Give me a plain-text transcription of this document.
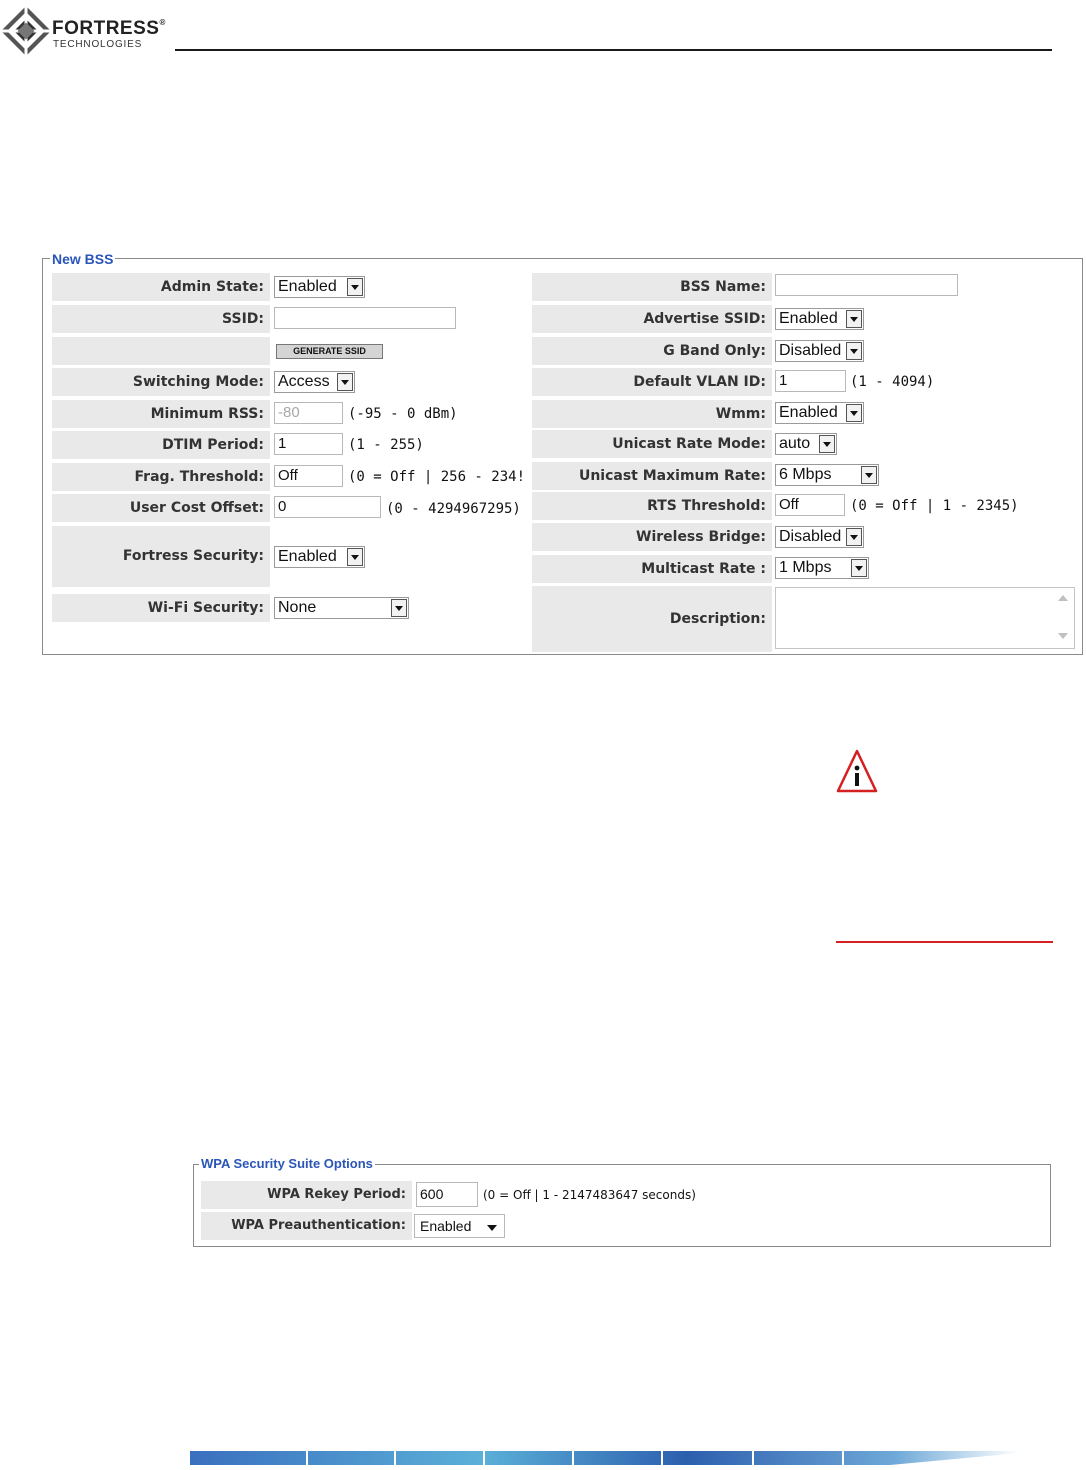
FORTRESS®
TECHNOLOGIES
New BSS
Admin State: Enabled
SSID:
GENERATE SSID
Switching Mode: Access
Minimum RSS: -80	(-95 - 0 dBm)
DTIM Period: 1	(1 - 255)
Frag. Threshold: Off	(0 = Off | 256 - 234!
User Cost Offset: 0	(0 - 4294967295)
Fortress Security: Enabled
Wi-Fi Security: None
BSS Name:
Advertise SSID: Enabled
G Band Only: Disabled
Default VLAN ID: 1	(1 - 4094)
Wmm: Enabled
Unicast Rate Mode: auto
Unicast Maximum Rate: 6 Mbps
RTS Threshold: Off	(0 = Off | 1 - 2345)
Wireless Bridge: Disabled
Multicast Rate : 1 Mbps
Description:
WPA Security Suite Options
WPA Rekey Period:	600	(0 = Off | 1 - 2147483647 seconds)
WPA Preauthentication:	Enabled
